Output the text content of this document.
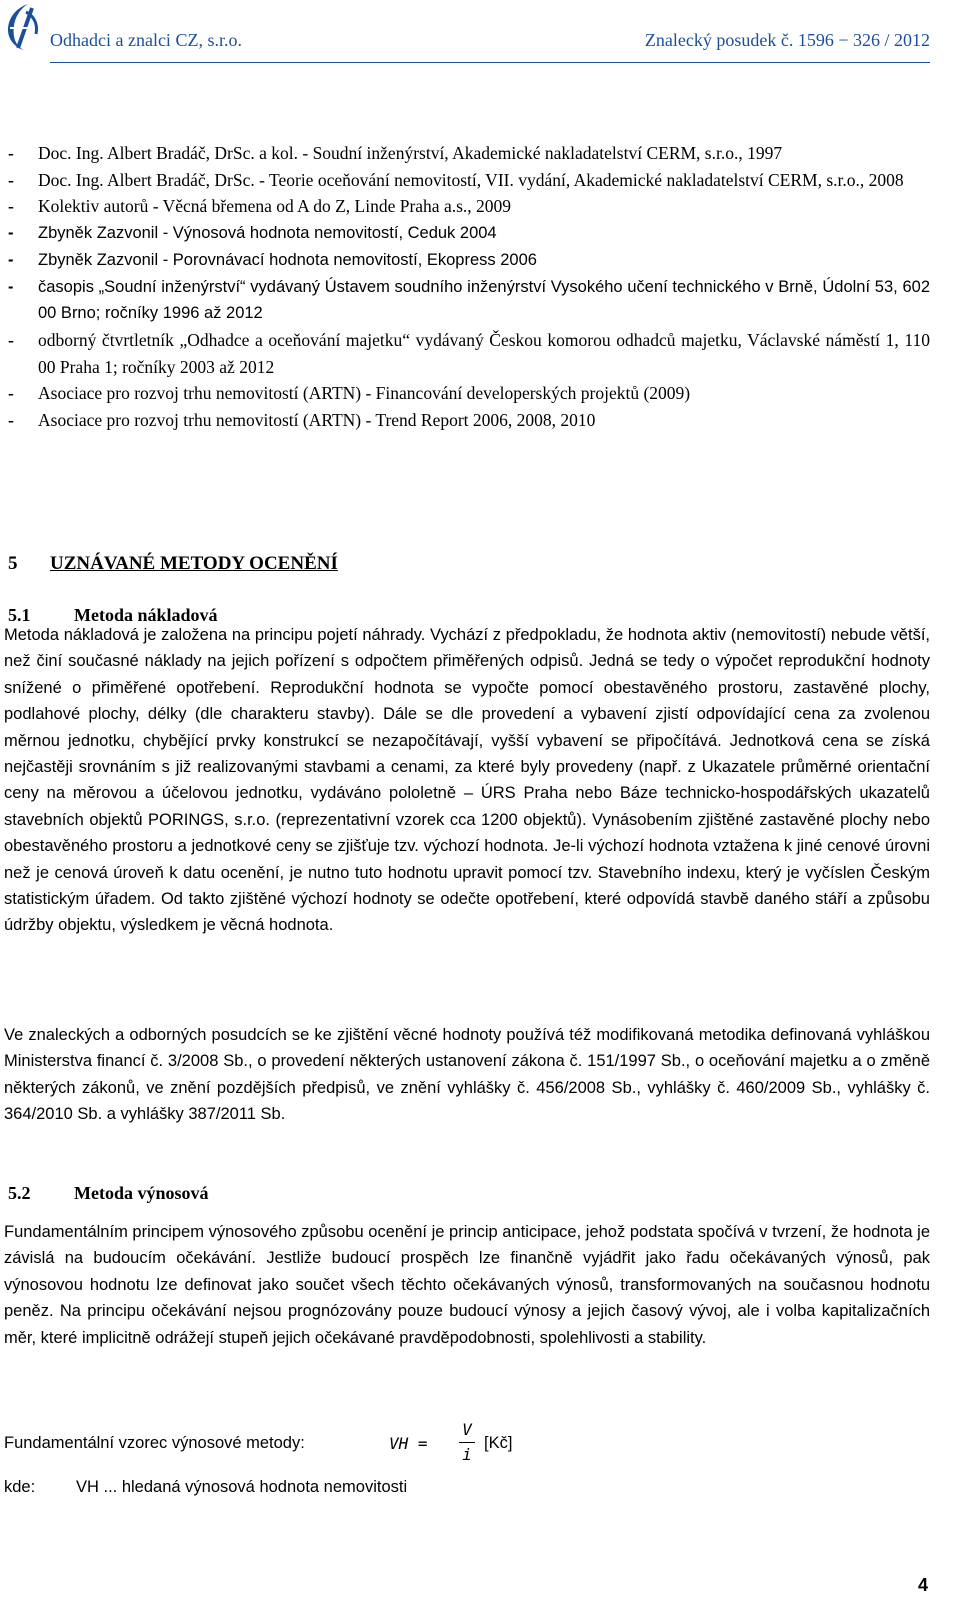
Odhadci a znalci CZ, s.r.o.	Znalecký posudek č. 1596 − 326 / 2012
- Doc. Ing. Albert Bradáč, DrSc. a kol. - Soudní inženýrství, Akademické nakladatelství CERM, s.r.o., 1997
- Doc. Ing. Albert Bradáč, DrSc. - Teorie oceňování nemovitostí, VII. vydání, Akademické nakladatelství CERM, s.r.o., 2008
- Kolektiv autorů - Věcná břemena od A do Z, Linde Praha a.s., 2009
- Zbyněk Zazvonil - Výnosová hodnota nemovitostí, Ceduk 2004
- Zbyněk Zazvonil - Porovnávací hodnota nemovitostí, Ekopress 2006
- časopis „Soudní inženýrství“ vydávaný Ústavem soudního inženýrství Vysokého učení technického v Brně, Údolní 53, 602 00 Brno; ročníky 1996 až 2012
- odborný čtvrtletník „Odhadce a oceňování majetku“ vydávaný Českou komorou odhadců majetku, Václavské náměstí 1, 110 00 Praha 1; ročníky 2003 až 2012
- Asociace pro rozvoj trhu nemovitostí (ARTN) - Financování developerských projektů (2009)
- Asociace pro rozvoj trhu nemovitostí (ARTN) - Trend Report 2006, 2008, 2010
5 UZNÁVANÉ METODY OCENĚNÍ
5.1 Metoda nákladová

Metoda nákladová je založena na principu pojetí náhrady. Vychází z předpokladu, že hodnota aktiv (nemovitostí) nebude větší, než činí současné náklady na jejich pořízení s odpočtem přiměřených odpisů. Jedná se tedy o výpočet reprodukční hodnoty snížené o přiměřené opotřebení. Reprodukční hodnota se vypočte pomocí obestavěného prostoru, zastavěné plochy, podlahové plochy, délky (dle charakteru stavby). Dále se dle provedení a vybavení zjistí odpovídající cena za zvolenou měrnou jednotku, chybějící prvky konstrukcí se nezapočítávají, vyšší vybavení se připočítává. Jednotková cena se získá nejčastěji srovnáním s již realizovanými stavbami a cenami, za které byly provedeny (např. z Ukazatele průměrné orientační ceny na měrovou a účelovou jednotku, vydáváno pololetně – ÚRS Praha nebo Báze technicko-hospodářských ukazatelů stavebních objektů PORINGS, s.r.o. (reprezentativní vzorek cca 1200 objektů). Vynásobením zjištěné zastavěné plochy nebo obestavěného prostoru a jednotkové ceny se zjišťuje tzv. výchozí hodnota. Je-li výchozí hodnota vztažena k jiné cenové úrovni než je cenová úroveň k datu ocenění, je nutno tuto hodnotu upravit pomocí tzv. Stavebního indexu, který je vyčíslen Českým statistickým úřadem. Od takto zjištěné výchozí hodnoty se odečte opotřebení, které odpovídá stavbě daného stáří a způsobu údržby objektu, výsledkem je věcná hodnota.

Ve znaleckých a odborných posudcích se ke zjištění věcné hodnoty používá též modifikovaná metodika definovaná vyhláškou Ministerstva financí č. 3/2008 Sb., o provedení některých ustanovení zákona č. 151/1997 Sb., o oceňování majetku a o změně některých zákonů, ve znění pozdějších předpisů, ve znění vyhlášky č. 456/2008 Sb., vyhlášky č. 460/2009 Sb., vyhlášky č. 364/2010 Sb. a vyhlášky 387/2011 Sb.

5.2 Metoda výnosová

Fundamentálním principem výnosového způsobu ocenění je princip anticipace, jehož podstata spočívá v tvrzení, že hodnota je závislá na budoucím očekávání. Jestliže budoucí prospěch lze finančně vyjádřit jako řadu očekávaných výnosů, pak výnosovou hodnotu lze definovat jako součet všech těchto očekávaných výnosů, transformovaných na současnou hodnotu peněz. Na principu očekávání nejsou prognózovány pouze budoucí výnosy a jejich časový vývoj, ale i volba kapitalizačních měr, které implicitně odrážejí stupeň jejich očekávané pravděpodobnosti, spolehlivosti a stability.

Fundamentální vzorec výnosové metody:	VH =
V
i
[Kč]
kde: VH ... hledaná výnosová hodnota nemovitosti
4
